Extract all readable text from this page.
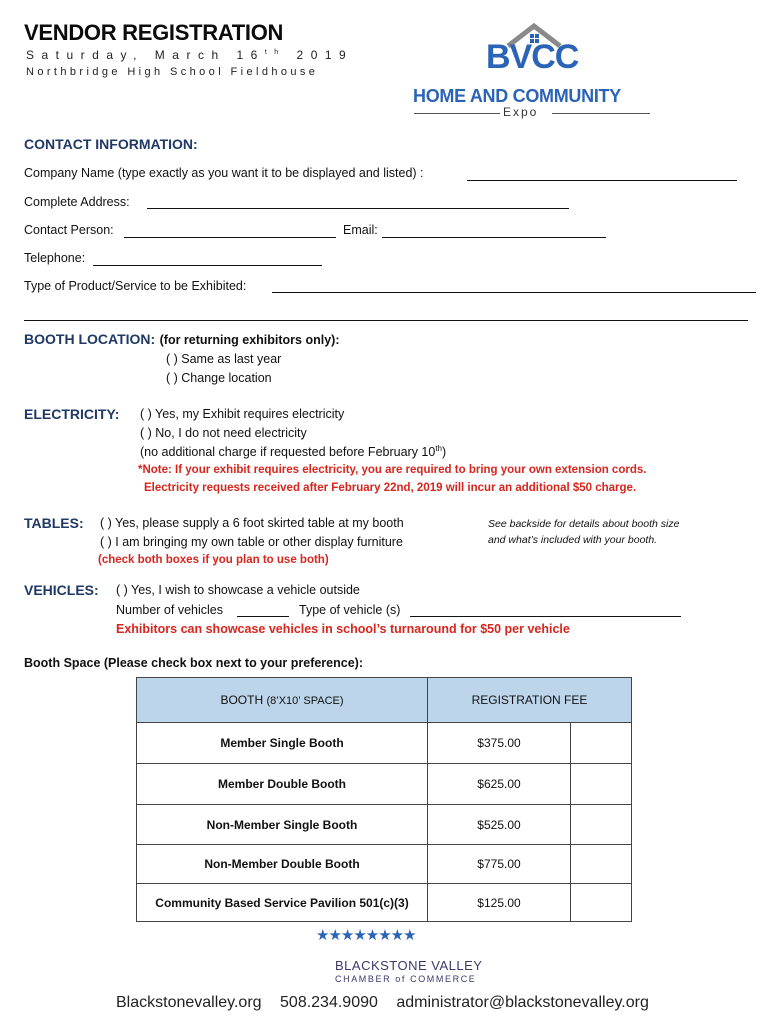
VENDOR REGISTRATION
Saturday, March 16th 2019
Northbridge High School Fieldhouse	BVCC
HOME AND COMMUNITY
Expo
CONTACT INFORMATION:
Company Name (type exactly as you want it to be displayed and listed) :
Complete Address:
Contact Person:	Email:
Telephone:
Type of Product/Service to be Exhibited:
BOOTH LOCATION: (for returning exhibitors only):
( ) Same as last year
( ) Change location
ELECTRICITY: ( ) Yes, my Exhibit requires electricity
( ) No, I do not need electricity
(no additional charge if requested before February 10th)
*Note: If your exhibit requires electricity, you are required to bring your own extension cords.
Electricity requests received after February 22nd, 2019 will incur an additional $50 charge.
TABLES: ( ) Yes, please supply a 6 foot skirted table at my booth
( ) I am bringing my own table or other display furniture
(check both boxes if you plan to use both)
See backside for details about booth size
and what’s included with your booth.
VEHICLES: ( ) Yes, I wish to showcase a vehicle outside
Number of vehicles	Type of vehicle (s)
Exhibitors can showcase vehicles in school’s turnaround for $50 per vehicle
Booth Space (Please check box next to your preference):
BOOTH (8’X10’ SPACE)	REGISTRATION FEE	
Member Single Booth	$375.00	
Member Double Booth	$625.00	
Non-Member Single Booth	$525.00	
Non-Member Double Booth	$775.00	
Community Based Service Pavilion 501(c)(3)	$125.00	
★★★★★★★★
BLACKSTONE VALLEY
CHAMBER of COMMERCE
Blackstonevalley.org 508.234.9090 administrator@blackstonevalley.org
